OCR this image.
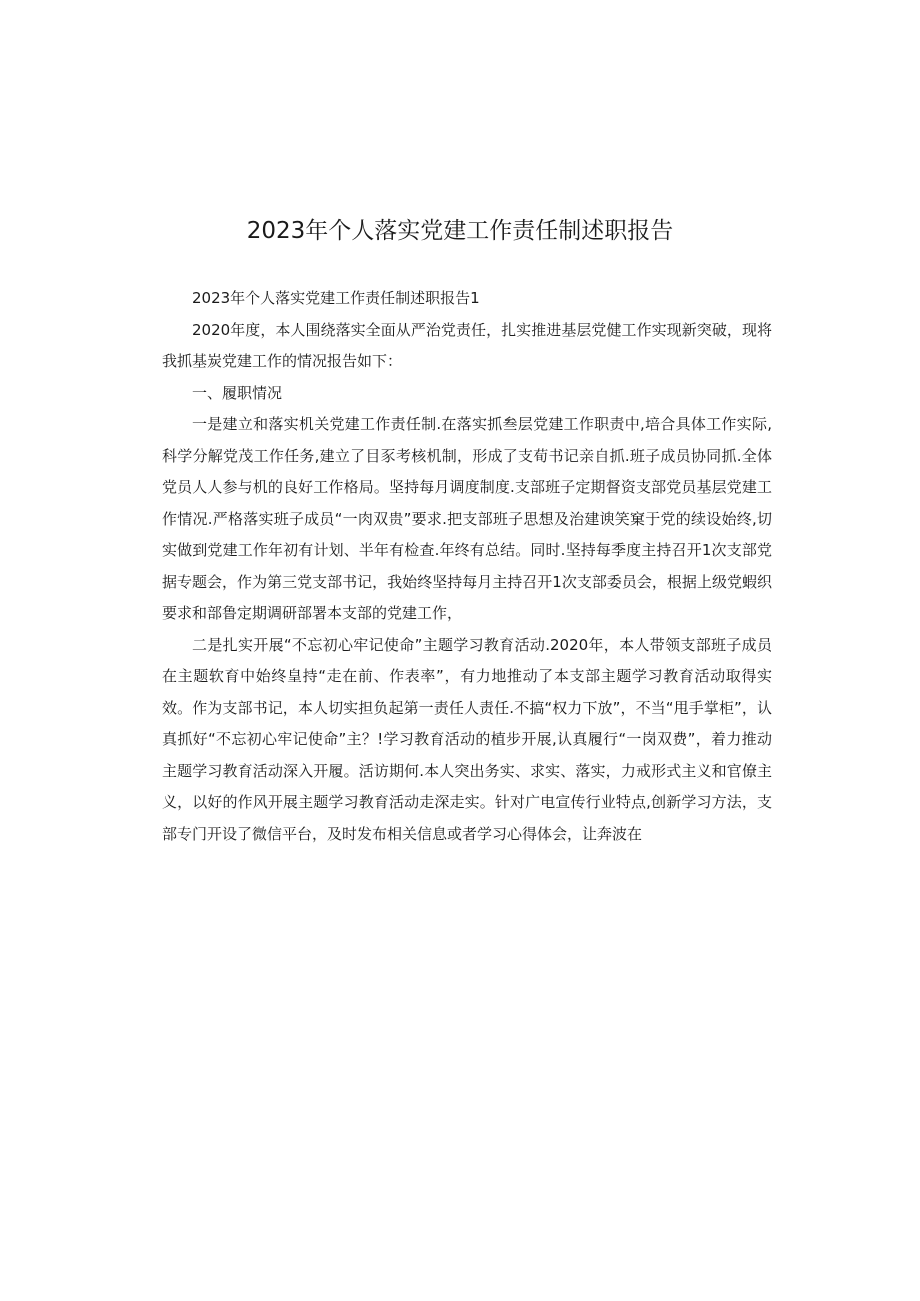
2023年个人落实党建工作责任制述职报告

2023年个人落实党建工作责任制述职报告1

2020年度，本人围绕落实全面从严治党责任，扎实推进基层党健工作实现新突破，现将我抓基炭党建工作的情况报告如下：

一、履职情况

一是建立和落实机关党建工作责任制.在落实抓叁层党建工作职责中,培合具体工作实际,科学分解党茂工作任务,建立了目豕考核机制，形成了支荀书记亲自抓.班子成员协同抓.全体党员人人参与机的良好工作格局。坚持每月调度制度.支部班子定期督资支部党员基层党建工作情况.严格落实班子成员“一肉双贵”要求.把支部班子思想及治建谀笑窠于党的续设始终,切实做到党建工作年初有计划、半年有检查.年终有总结。同时.坚持每季度主持召开1次支部党据专题会，作为第三党支部书记，我始终坚持每月主持召开1次支部委员会，根据上级党蝦织要求和部鲁定期调研部署本支部的党建工作，

二是扎实开展“不忘初心牢记使命”主题学习教育活动.2020年，本人带领支部班子成员在主题软育中始终皇持“走在前、作表率”，有力地推动了本支部主题学习教育活动取得实效。作为支部书记，本人切实担负起第一责任人责任.不搞“权力下放”，不当“甩手掌柜”，认真抓好“不忘初心牢记使命”主？!学习教育活动的植步开展,认真履行“一岗双费”，着力推动主题学习教育活动深入开履。活访期何.本人突出务实、求实、落实，力戒形式主义和官僚主义，以好的作风开展主题学习教育活动走深走实。针对广电宣传行业特点,创新学习方法，支部专门开设了微信平台，及时发布相关信息或者学习心得体会，让奔波在
